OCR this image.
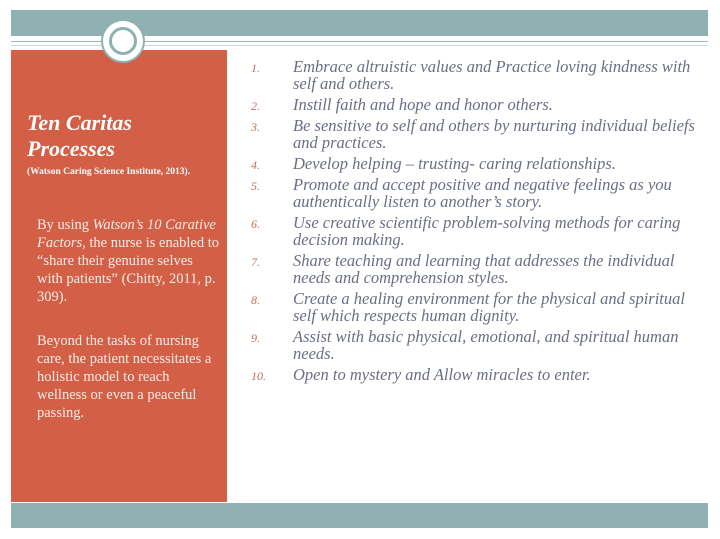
Ten Caritas Processes
(Watson Caring Science Institute, 2013).
By using Watson’s 10 Carative Factors, the nurse is enabled to “share their genuine selves with patients” (Chitty, 2011, p. 309).
Beyond the tasks of nursing care, the patient necessitates a holistic model to reach wellness or even a peaceful passing.
1.	Embrace altruistic values and Practice loving kindness with self and others.
2.	Instill faith and hope and honor others.
3.	Be sensitive to self and others by nurturing individual beliefs and practices.
4.	Develop helping – trusting- caring relationships.
5.	Promote and accept positive and negative feelings as you authentically listen to another’s story.
6.	Use creative scientific problem-solving methods for caring decision making.
7.	Share teaching and learning that addresses the individual needs and comprehension styles.
8.	Create a healing environment for the physical and spiritual self which respects human dignity.
9.	Assist with basic physical, emotional, and spiritual human needs.
10.	Open to mystery and Allow miracles to enter.
